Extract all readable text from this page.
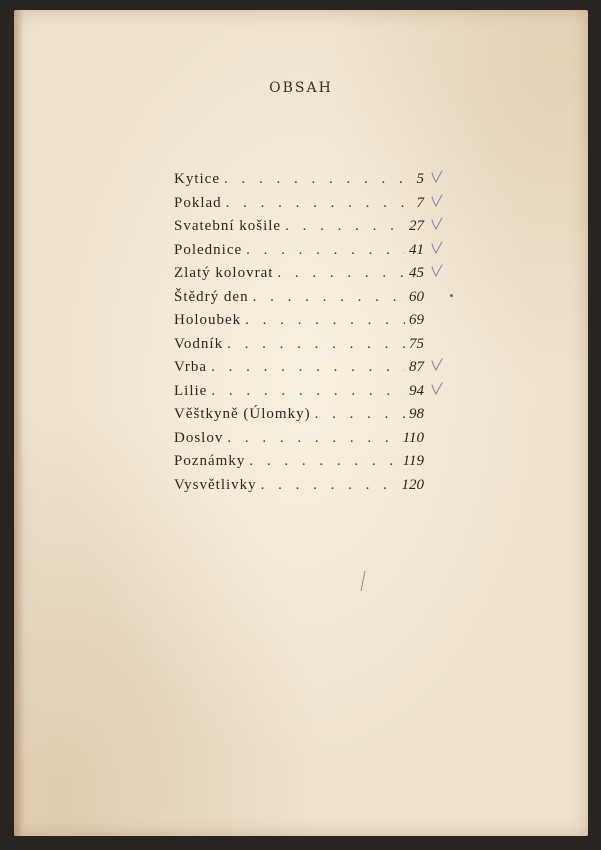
OBSAH
Kytice . . .	5
Poklad . . .	7
Svatební košile . . .	27
Polednice . . .	41
Zlatý kolovrat . . .	45
Štědrý den . . .	60
Holoubek . . .	69
Vodník . . .	75
Vrba . . .	87
Lilie . . .	94
Věštkyně (Úlomky) . . .	98
Doslov . . .	110
Poznámky . . .	119
Vysvětlivky . . .	120
